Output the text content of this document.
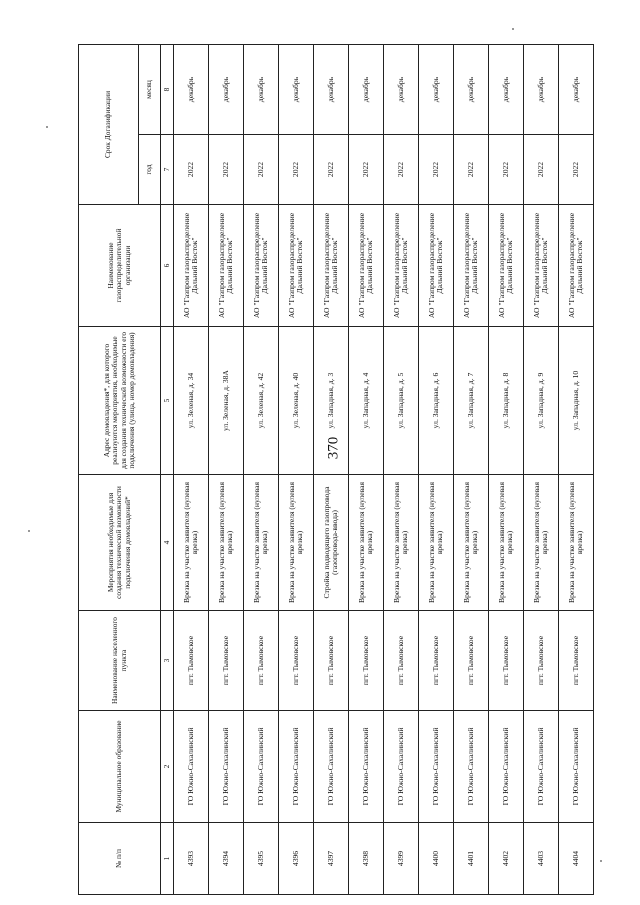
370
№ п/п	Муниципальное образование	Наименование населенного пункта	Мероприятия необходимые для создания технической возможности подключения домовладений*	Адрес домовладения*, для которого реализуются мероприятия, необходимые для создания технической возможности его подключения (улица, номер домовладения)	Наименование газораспределительной организации	Срок Догазификации	
						год	месяц
1	2	3	4	5	6	7	8
4393	ГО Южно-Сахалинский	пгт. Тымовское	Врезка на участке заявителя (нулевая врезка)	ул. Зеленая, д. 34	АО "Газпром газораспределение Дальний Восток"	2022	декабрь
4394	ГО Южно-Сахалинский	пгт. Тымовское	Врезка на участке заявителя (нулевая врезка)	ул. Зеленая, д. 38А	АО "Газпром газораспределение Дальний Восток"	2022	декабрь
4395	ГО Южно-Сахалинский	пгт. Тымовское	Врезка на участке заявителя (нулевая врезка)	ул. Зеленая, д. 42	АО "Газпром газораспределение Дальний Восток"	2022	декабрь
4396	ГО Южно-Сахалинский	пгт. Тымовское	Врезка на участке заявителя (нулевая врезка)	ул. Зеленая, д. 40	АО "Газпром газораспределение Дальний Восток"	2022	декабрь
4397	ГО Южно-Сахалинский	пгт. Тымовское	Стройка подводящего газопровода (газопровода-ввода)	ул. Западная, д. 3	АО "Газпром газораспределение Дальний Восток"	2022	декабрь
4398	ГО Южно-Сахалинский	пгт. Тымовское	Врезка на участке заявителя (нулевая врезка)	ул. Западная, д. 4	АО "Газпром газораспределение Дальний Восток"	2022	декабрь
4399	ГО Южно-Сахалинский	пгт. Тымовское	Врезка на участке заявителя (нулевая врезка)	ул. Западная, д. 5	АО "Газпром газораспределение Дальний Восток"	2022	декабрь
4400	ГО Южно-Сахалинский	пгт. Тымовское	Врезка на участке заявителя (нулевая врезка)	ул. Западная, д. 6	АО "Газпром газораспределение Дальний Восток"	2022	декабрь
4401	ГО Южно-Сахалинский	пгт. Тымовское	Врезка на участке заявителя (нулевая врезка)	ул. Западная, д. 7	АО "Газпром газораспределение Дальний Восток"	2022	декабрь
4402	ГО Южно-Сахалинский	пгт. Тымовское	Врезка на участке заявителя (нулевая врезка)	ул. Западная, д. 8	АО "Газпром газораспределение Дальний Восток"	2022	декабрь
4403	ГО Южно-Сахалинский	пгт. Тымовское	Врезка на участке заявителя (нулевая врезка)	ул. Западная, д. 9	АО "Газпром газораспределение Дальний Восток"	2022	декабрь
4404	ГО Южно-Сахалинский	пгт. Тымовское	Врезка на участке заявителя (нулевая врезка)	ул. Западная, д. 10	АО "Газпром газораспределение Дальний Восток"	2022	декабрь
